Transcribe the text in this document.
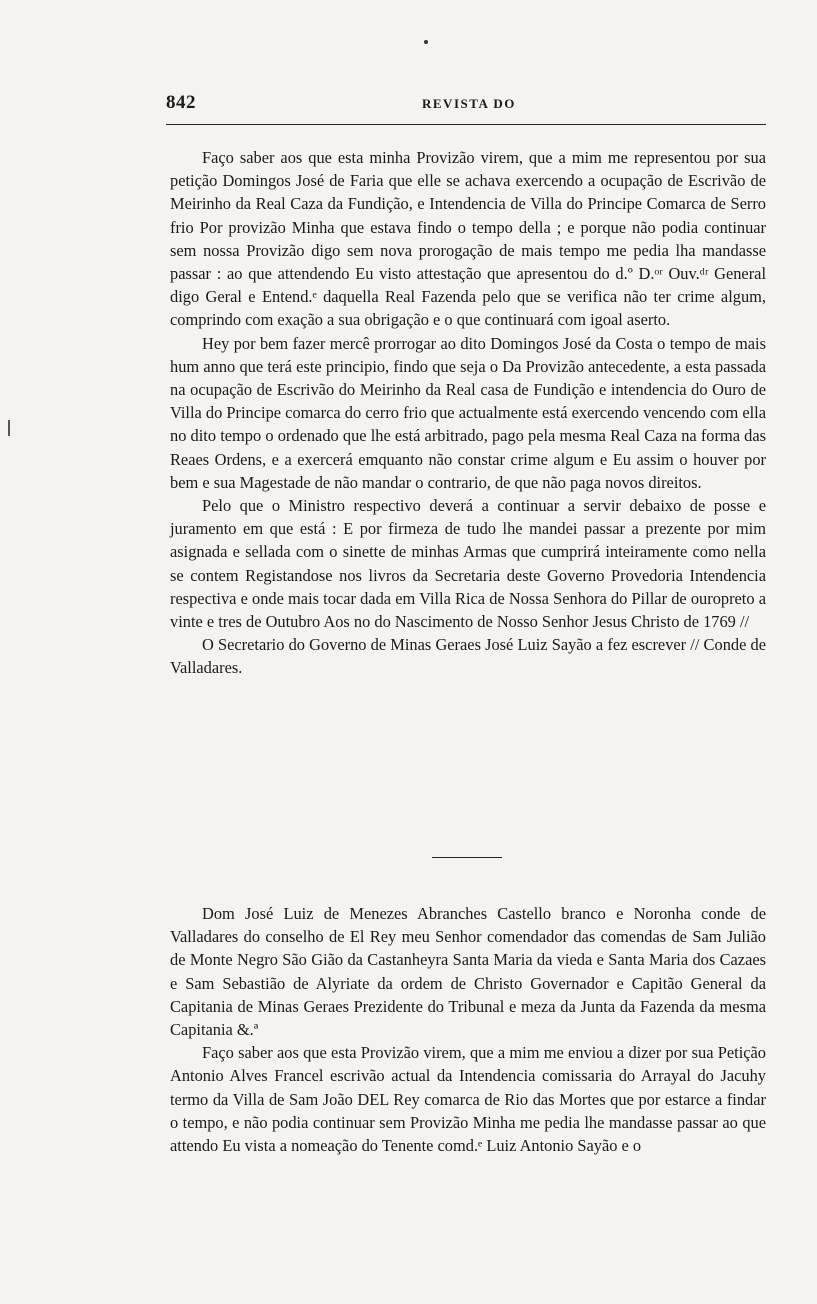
842	REVISTA DO

Faço saber aos que esta minha Provizão virem, que a mim me representou por sua petição Domingos José de Faria que elle se achava exercendo a ocupação de Escrivão de Meirinho da Real Caza da Fundição, e Intendencia de Villa do Principe Comarca de Serro frio Por provizão Minha que estava findo o tempo della ; e porque não podia continuar sem nossa Provizão digo sem nova prorogação de mais tempo me pedia lha mandasse passar : ao que attendendo Eu visto attestação que apresentou do d.º D.ᵒʳ Ouv.ᵈʳ General digo Geral e Entend.ᵉ daquella Real Fazenda pelo que se verifica não ter crime algum, comprindo com exação a sua obrigação e o que continuará com igoal aserto.

Hey por bem fazer mercê prorrogar ao dito Domingos José da Costa o tempo de mais hum anno que terá este principio, findo que seja o Da Provizão antecedente, a esta passada na ocupação de Escrivão do Meirinho da Real casa de Fundição e intendencia do Ouro de Villa do Principe comarca do cerro frio que actualmente está exercendo vencendo com ella no dito tempo o ordenado que lhe está arbitrado, pago pela mesma Real Caza na forma das Reaes Ordens, e a exercerá emquanto não constar crime algum e Eu assim o houver por bem e sua Magestade de não mandar o contrario, de que não paga novos direitos.

Pelo que o Ministro respectivo deverá a continuar a servir debaixo de posse e juramento em que está : E por firmeza de tudo lhe mandei passar a prezente por mim asignada e sellada com o sinette de minhas Armas que cumprirá inteiramente como nella se contem Registandose nos livros da Secretaria deste Governo Provedoria Intendencia respectiva e onde mais tocar dada em Villa Rica de Nossa Senhora do Pillar de ouropreto a vinte e tres de Outubro Aos no do Nascimento de Nosso Senhor Jesus Christo de 1769 //

O Secretario do Governo de Minas Geraes José Luiz Sayão a fez escrever // Conde de Valladares.

Dom José Luiz de Menezes Abranches Castello branco e Noronha conde de Valladares do conselho de El Rey meu Senhor comendador das comendas de Sam Julião de Monte Negro São Gião da Castanheyra Santa Maria da vieda e Santa Maria dos Cazaes e Sam Sebastião de Alyriate da ordem de Christo Governador e Capitão General da Capitania de Minas Geraes Prezidente do Tribunal e meza da Junta da Fazenda da mesma Capitania &.ª

Faço saber aos que esta Provizão virem, que a mim me enviou a dizer por sua Petição Antonio Alves Francel escrivão actual da Intendencia comissaria do Arrayal do Jacuhy termo da Villa de Sam João DEL Rey comarca de Rio das Mortes que por estarce a findar o tempo, e não podia continuar sem Provizão Minha me pedia lhe mandasse passar ao que attendo Eu vista a nomeação do Tenente comd.ᵉ Luiz Antonio Sayão e o
